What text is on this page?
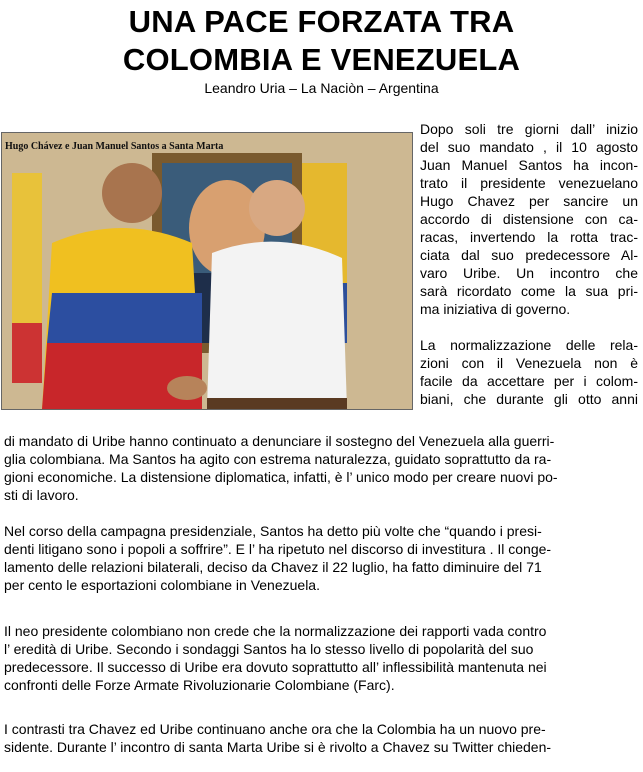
UNA PACE FORZATA TRA
COLOMBIA E VENEZUELA
Leandro Uria – La Naciòn – Argentina
Hugo Chávez e Juan Manuel Santos a Santa Marta
Dopo soli tre giorni dall’ inizio
del suo mandato , il 10 agosto
Juan Manuel Santos ha incon-
trato il presidente venezuelano
Hugo Chavez per sancire un
accordo di distensione con ca-
racas, invertendo la rotta trac-
ciata dal suo predecessore Al-
varo Uribe. Un incontro che
sarà ricordato come la sua pri-
ma iniziativa di governo.
La normalizzazione delle rela-
zioni con il Venezuela non è
facile da accettare per i colom-
biani, che durante gli otto anni
di mandato di Uribe hanno continuato a denunciare il sostegno del Venezuela alla guerri-
glia colombiana. Ma Santos ha agito con estrema naturalezza, guidato soprattutto da ra-
gioni economiche. La distensione diplomatica, infatti, è l’ unico modo per creare nuovi po-
sti di lavoro.
Nel corso della campagna presidenziale, Santos ha detto più volte che “quando i presi-
denti litigano sono i popoli a soffrire”. E l’ ha ripetuto nel discorso di investitura . Il conge-
lamento delle relazioni bilaterali, deciso da Chavez il 22 luglio, ha fatto diminuire del 71
per cento le esportazioni colombiane in Venezuela.
Il neo presidente colombiano non crede che la normalizzazione dei rapporti vada contro
l’ eredità di Uribe. Secondo i sondaggi Santos ha lo stesso livello di popolarità del suo
predecessore. Il successo di Uribe era dovuto soprattutto all’ inflessibilità mantenuta nei
confronti delle Forze Armate Rivoluzionarie Colombiane (Farc).
I contrasti tra Chavez ed Uribe continuano anche ora che la Colombia ha un nuovo pre-
sidente. Durante l’ incontro di santa Marta Uribe si è rivolto a Chavez su Twitter chieden-
